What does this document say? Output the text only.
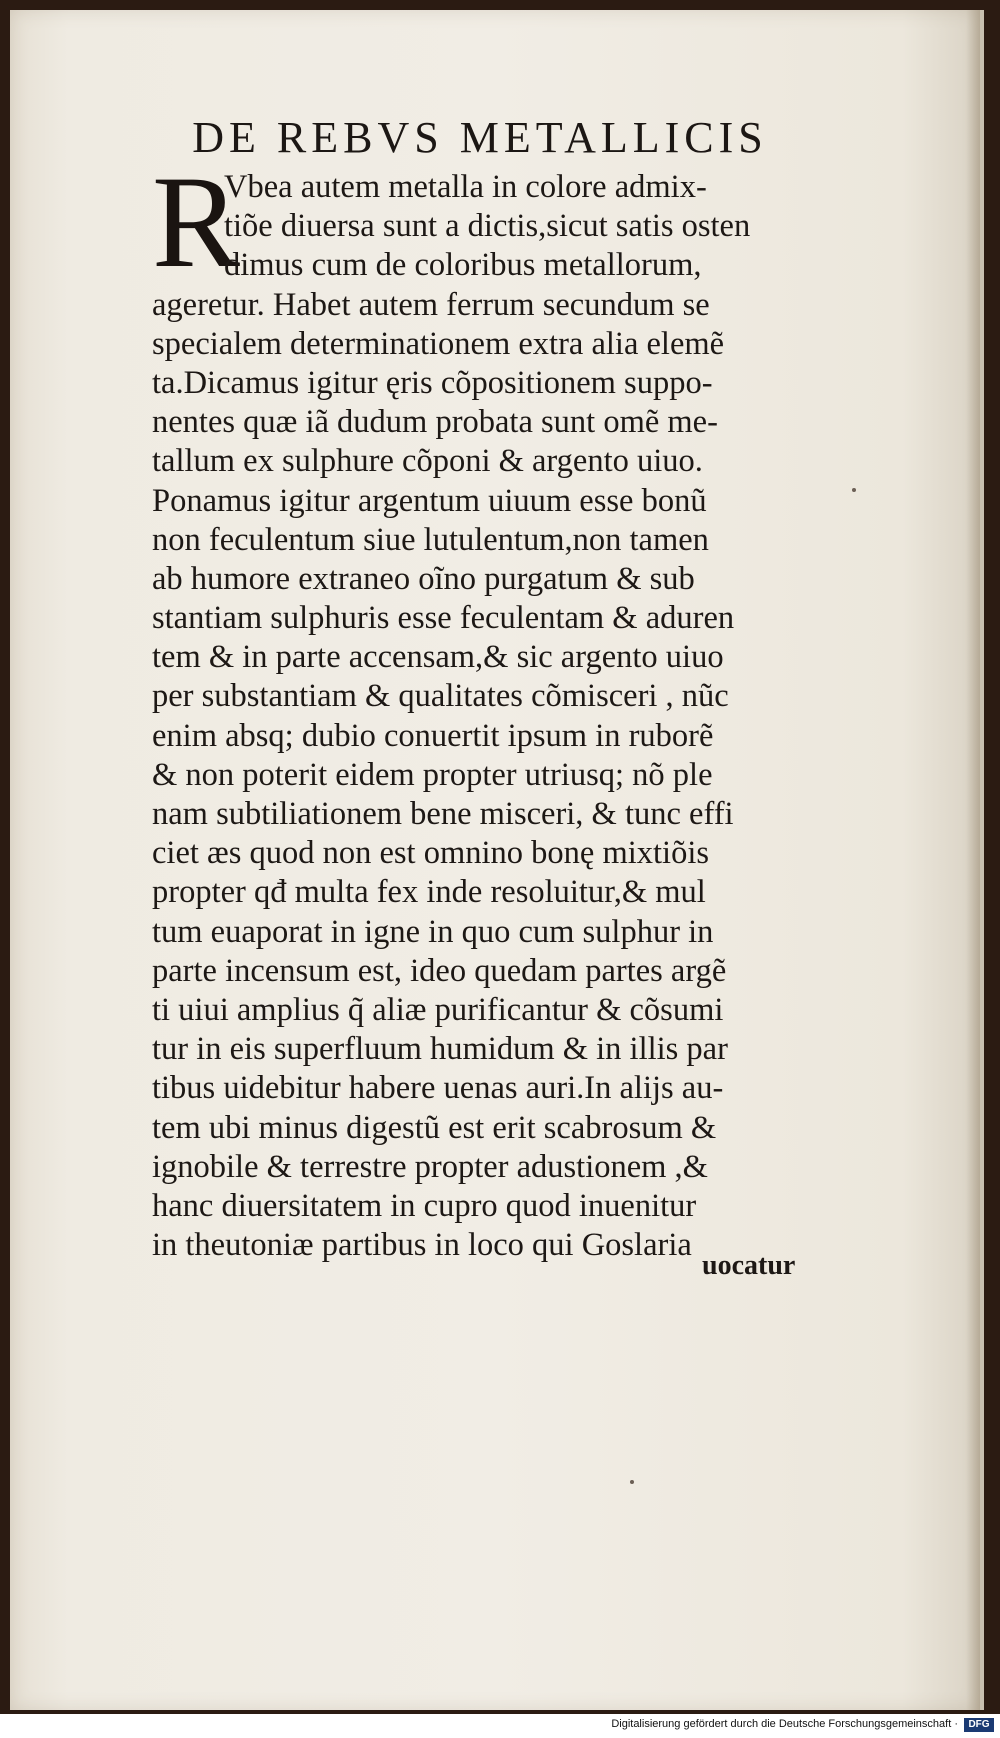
DE REBVS METALLICIS
R
Vbea autem metalla in colore admix-
tiõe diuersa sunt a dictis,sicut satis osten
dimus cum de coloribus metallorum,
ageretur. Habet autem ferrum secundum se
specialem determinationem extra alia elemẽ
ta.Dicamus igitur ęris cõpositionem suppo-
nentes quæ iã dudum probata sunt omẽ me-
tallum ex sulphure cõponi & argento uiuo.
Ponamus igitur argentum uiuum esse bonũ
non feculentum siue lutulentum,non tamen
ab humore extraneo oĩno purgatum & sub
stantiam sulphuris esse feculentam & aduren
tem & in parte accensam,& sic argento uiuo
per substantiam & qualitates cõmisceri , nũc
enim absq; dubio conuertit ipsum in ruborẽ
& non poterit eidem propter utriusq; nõ ple
nam subtiliationem bene misceri, & tunc effi
ciet æs quod non est omnino bonę mixtiõis
propter qđ multa fex inde resoluitur,& mul
tum euaporat in igne in quo cum sulphur in
parte incensum est, ideo quedam partes argẽ
ti uiui amplius q̃ aliæ purificantur & cõsumi
tur in eis superfluum humidum & in illis par
tibus uidebitur habere uenas auri.In alijs au-
tem ubi minus digestũ est erit scabrosum &
ignobile & terrestre propter adustionem ,&
hanc diuersitatem in cupro quod inuenitur
in theutoniæ partibus in loco qui Goslaria
uocatur
Digitalisierung gefördert durch die Deutsche Forschungsgemeinschaft ·	DFG
